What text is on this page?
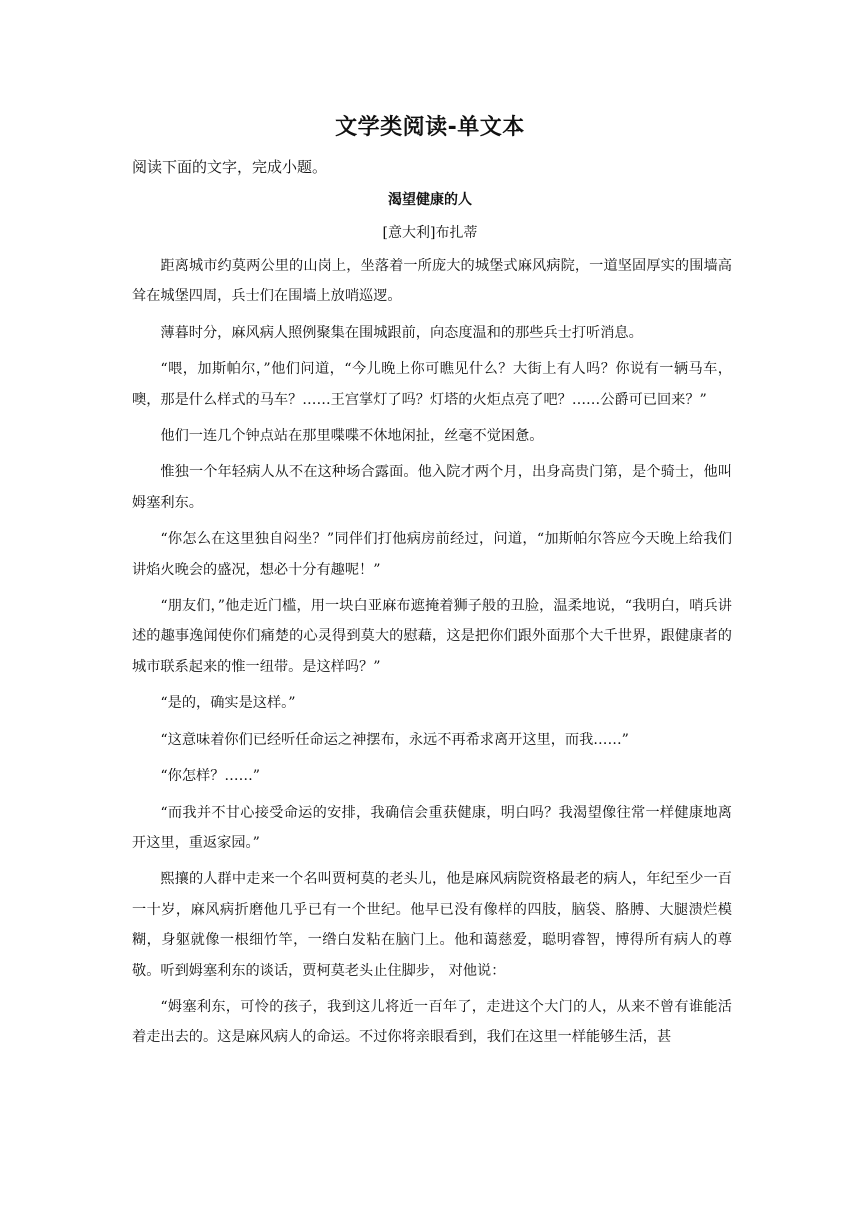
文学类阅读-单文本
阅读下面的文字，完成小题。
渴望健康的人
[意大利]布扎蒂

距离城市约莫两公里的山岗上，坐落着一所庞大的城堡式麻风病院，一道坚固厚实的围墙高耸在城堡四周，兵士们在围墙上放哨巡逻。

薄暮时分，麻风病人照例聚集在围城跟前，向态度温和的那些兵士打听消息。

“喂，加斯帕尔，”他们问道，“今儿晚上你可瞧见什么？大街上有人吗？你说有一辆马车，噢，那是什么样式的马车？……王宫掌灯了吗？灯塔的火炬点亮了吧？……公爵可已回来？”

他们一连几个钟点站在那里喋喋不休地闲扯，丝毫不觉困惫。

惟独一个年轻病人从不在这种场合露面。他入院才两个月，出身高贵门第，是个骑士，他叫姆塞利东。

“你怎么在这里独自闷坐？”同伴们打他病房前经过，问道，“加斯帕尔答应今天晚上给我们讲焰火晚会的盛况，想必十分有趣呢！”

“朋友们，”他走近门槛，用一块白亚麻布遮掩着狮子般的丑脸，温柔地说，“我明白，哨兵讲述的趣事逸闻使你们痛楚的心灵得到莫大的慰藉，这是把你们跟外面那个大千世界，跟健康者的城市联系起来的惟一纽带。是这样吗？”

“是的，确实是这样。”

“这意味着你们已经听任命运之神摆布，永远不再希求离开这里，而我……”

“你怎样？……”

“而我并不甘心接受命运的安排，我确信会重获健康，明白吗？我渴望像往常一样健康地离开这里，重返家园。”

熙攘的人群中走来一个名叫贾柯莫的老头儿，他是麻风病院资格最老的病人，年纪至少一百一十岁，麻风病折磨他几乎已有一个世纪。他早已没有像样的四肢，脑袋、胳膊、大腿溃烂模糊，身躯就像一根细竹竿，一绺白发粘在脑门上。他和蔼慈爱，聪明睿智，博得所有病人的尊敬。听到姆塞利东的谈话，贾柯莫老头止住脚步， 对他说：

“姆塞利东，可怜的孩子，我到这儿将近一百年了，走进这个大门的人，从来不曾有谁能活着走出去的。这是麻风病人的命运。不过你将亲眼看到，我们在这里一样能够生活，甚
